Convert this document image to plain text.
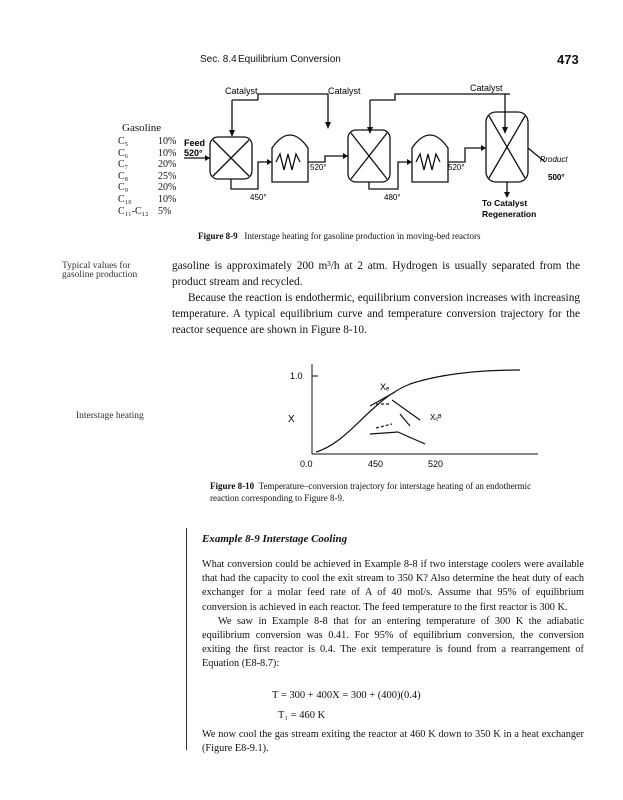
Sec. 8.4 Equilibrium Conversion	473
Gasoline
C₅	10%
C₆	10%
C₇	20%
C₈	25%
C₉	20%
C₁₀	10%
C₁₁-C₁₂ 5%
Catalyst	Catalyst	Catalyst
Feed
520°
520°	520°
450°	480°
Product
500°
To Catalyst
Regeneration
Figure 8-9 Interstage heating for gasoline production in moving-bed reactors
Typical values for
gasoline production
Interstage heating

gasoline is approximately 200 m³/h at 2 atm. Hydrogen is usually separated from the product stream and recycled.

Because the reaction is endothermic, equilibrium conversion increases with increasing temperature. A typical equilibrium curve and temperature conversion trajectory for the reactor sequence are shown in Figure 8-10.

1.0
X
0.0	450	520
Xₑ
Xₑᴮ
Figure 8-10 Temperature–conversion trajectory for interstage heating of an endothermic reaction corresponding to Figure 8-9.
Example 8-9 Interstage Cooling

What conversion could be achieved in Example 8-8 if two interstage coolers were available that had the capacity to cool the exit stream to 350 K? Also determine the heat duty of each exchanger for a molar feed rate of A of 40 mol/s. Assume that 95% of equilibrium conversion is achieved in each reactor. The feed temperature to the first reactor is 300 K.

We saw in Example 8-8 that for an entering temperature of 300 K the adiabatic equilibrium conversion was 0.41. For 95% of equilibrium conversion, the conversion exiting the first reactor is 0.4. The exit temperature is found from a rearrangement of Equation (E8-8.7):

T = 300 + 400X = 300 + (400)(0.4)
T₁ = 460 K

We now cool the gas stream exiting the reactor at 460 K down to 350 K in a heat exchanger (Figure E8-9.1).
